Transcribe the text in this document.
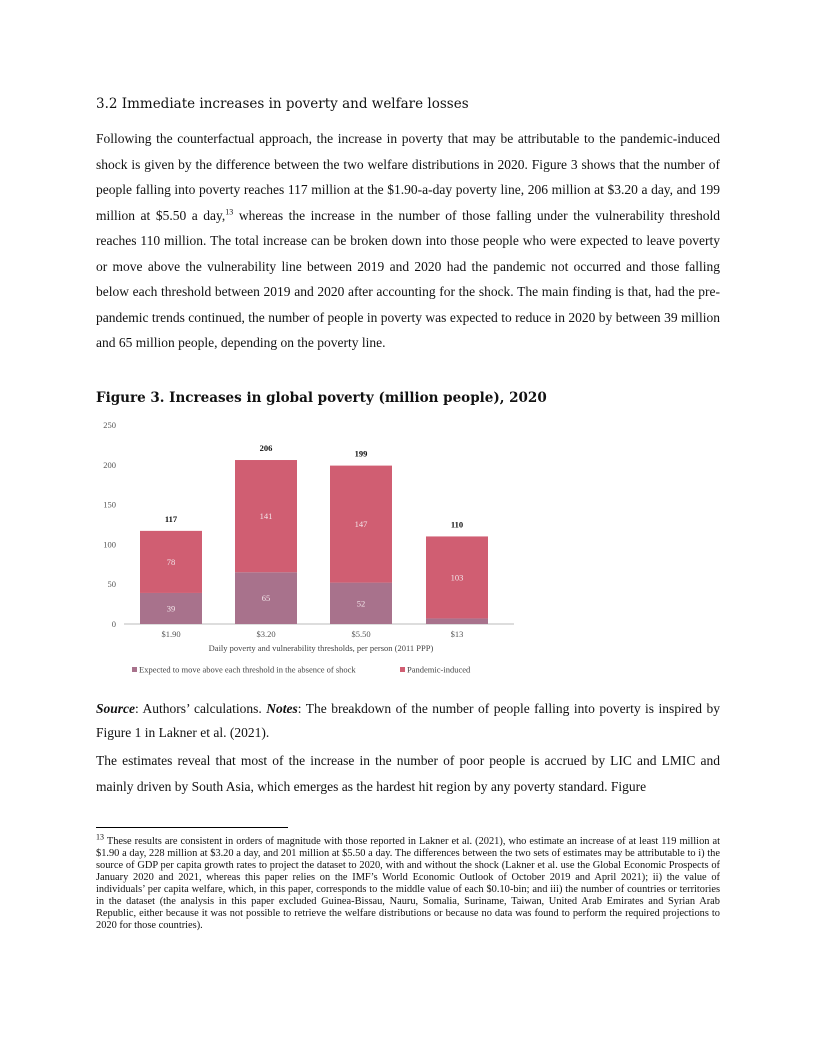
3.2 Immediate increases in poverty and welfare losses

Following the counterfactual approach, the increase in poverty that may be attributable to the pandemic-induced shock is given by the difference between the two welfare distributions in 2020. Figure 3 shows that the number of people falling into poverty reaches 117 million at the $1.90-a-day poverty line, 206 million at $3.20 a day, and 199 million at $5.50 a day,$^{13}$ whereas the increase in the number of those falling under the vulnerability threshold reaches 110 million. The total increase can be broken down into those people who were expected to leave poverty or move above the vulnerability line between 2019 and 2020 had the pandemic not occurred and those falling below each threshold between 2019 and 2020 after accounting for the shock. The main finding is that, had the pre-pandemic trends continued, the number of people in poverty was expected to reduce in 2020 by between 39 million and 65 million people, depending on the poverty line.

Figure 3. Increases in global poverty (million people), 2020
0
50
100
150
200
250
39
78
117
65
141
206
52
147
199
103
110
$1.90	$3.20	$5.50	$13
Daily poverty and vulnerability thresholds, per person (2011 PPP)
Expected to move above each threshold in the absence of shock	Pandemic-induced

Source: Authors’ calculations. Notes: The breakdown of the number of people falling into poverty is inspired by Figure 1 in Lakner et al. (2021).

The estimates reveal that most of the increase in the number of poor people is accrued by LIC and LMIC and mainly driven by South Asia, which emerges as the hardest hit region by any poverty standard. Figure

$^{13}$ These results are consistent in orders of magnitude with those reported in Lakner et al. (2021), who estimate an increase of at least 119 million at $1.90 a day, 228 million at $3.20 a day, and 201 million at $5.50 a day. The differences between the two sets of estimates may be attributable to i) the source of GDP per capita growth rates to project the dataset to 2020, with and without the shock (Lakner et al. use the Global Economic Prospects of January 2020 and 2021, whereas this paper relies on the IMF’s World Economic Outlook of October 2019 and April 2021); ii) the value of individuals’ per capita welfare, which, in this paper, corresponds to the middle value of each $0.10-bin; and iii) the number of countries or territories in the dataset (the analysis in this paper excluded Guinea-Bissau, Nauru, Somalia, Suriname, Taiwan, United Arab Emirates and Syrian Arab Republic, either because it was not possible to retrieve the welfare distributions or because no data was found to perform the required projections to 2020 for those countries).
